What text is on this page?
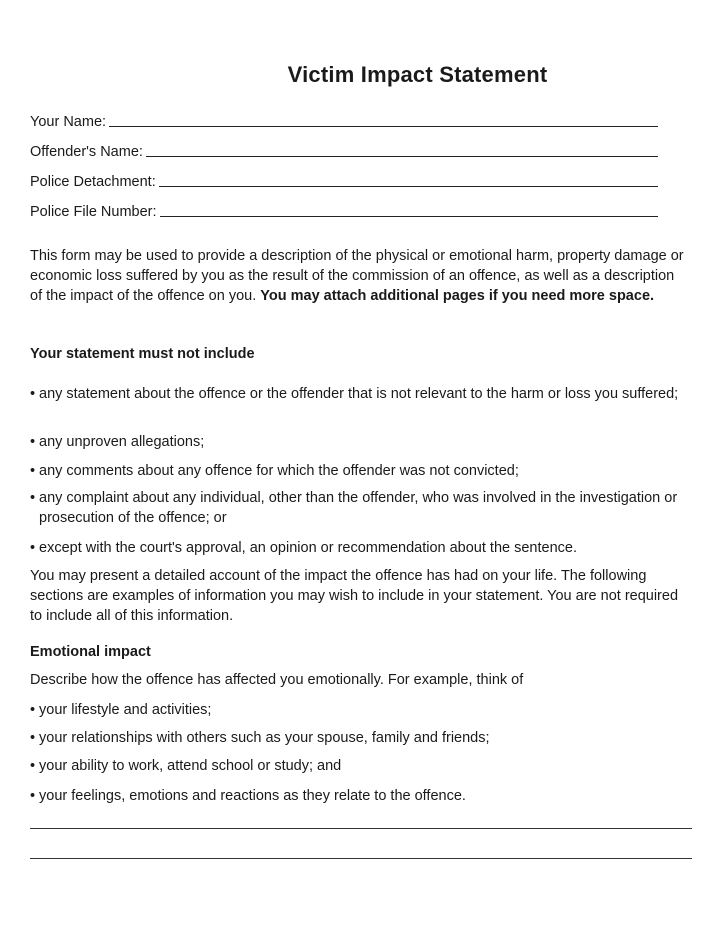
Victim Impact Statement
Your Name:
Offender's Name:
Police Detachment:
Police File Number:

This form may be used to provide a description of the physical or emotional harm, property damage or economic loss suffered by you as the result of the commission of an offence, as well as a description of the impact of the offence on you. You may attach additional pages if you need more space.

Your statement must not include

• any statement about the offence or the offender that is not relevant to the harm or loss you suffered;
• any unproven allegations;
• any comments about any offence for which the offender was not convicted;
• any complaint about any individual, other than the offender, who was involved in the investigation or prosecution of the offence; or
• except with the court's approval, an opinion or recommendation about the sentence.

You may present a detailed account of the impact the offence has had on your life. The following sections are examples of information you may wish to include in your statement. You are not required to include all of this information.

Emotional impact

Describe how the offence has affected you emotionally. For example, think of

• your lifestyle and activities;
• your relationships with others such as your spouse, family and friends;
• your ability to work, attend school or study; and
• your feelings, emotions and reactions as they relate to the offence.
